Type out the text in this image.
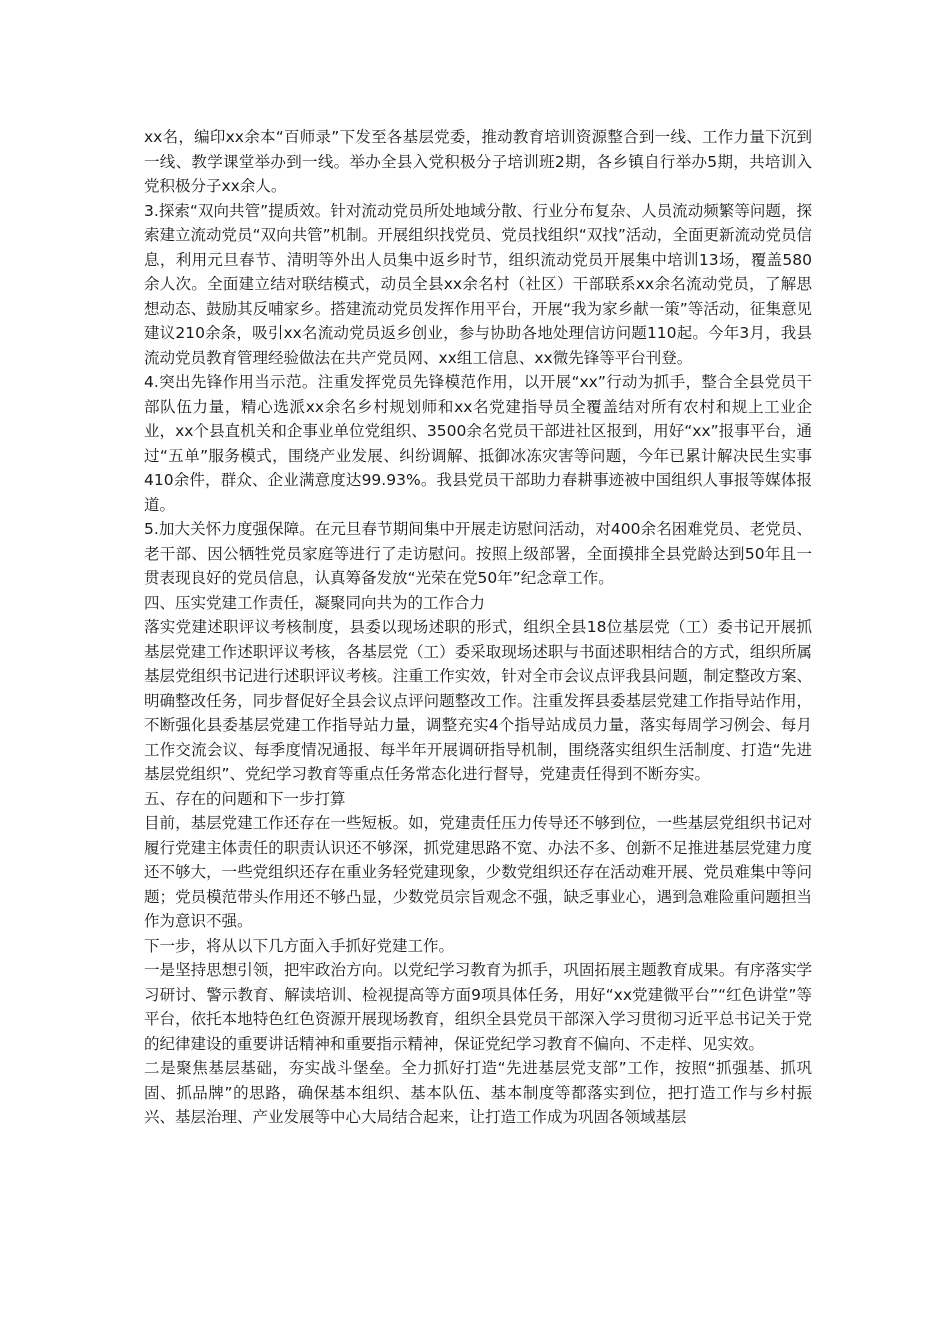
xx名，编印xx余本“百师录”下发至各基层党委，推动教育培训资源整合到一线、工作力量下沉到一线、教学课堂举办到一线。举办全县入党积极分子培训班2期，各乡镇自行举办5期，共培训入党积极分子xx余人。

3.探索“双向共管”提质效。针对流动党员所处地域分散、行业分布复杂、人员流动频繁等问题，探索建立流动党员“双向共管”机制。开展组织找党员、党员找组织“双找”活动，全面更新流动党员信息，利用元旦春节、清明等外出人员集中返乡时节，组织流动党员开展集中培训13场，覆盖580余人次。全面建立结对联结模式，动员全县xx余名村（社区）干部联系xx余名流动党员，了解思想动态、鼓励其反哺家乡。搭建流动党员发挥作用平台，开展“我为家乡献一策”等活动，征集意见建议210余条，吸引xx名流动党员返乡创业，参与协助各地处理信访问题110起。今年3月，我县流动党员教育管理经验做法在共产党员网、xx组工信息、xx微先锋等平台刊登。

4.突出先锋作用当示范。注重发挥党员先锋模范作用，以开展“xx”行动为抓手，整合全县党员干部队伍力量，精心选派xx余名乡村规划师和xx名党建指导员全覆盖结对所有农村和规上工业企业，xx个县直机关和企事业单位党组织、3500余名党员干部进社区报到，用好“xx”报事平台，通过“五单”服务模式，围绕产业发展、纠纷调解、抵御冰冻灾害等问题，今年已累计解决民生实事410余件，群众、企业满意度达99.93%。我县党员干部助力春耕事迹被中国组织人事报等媒体报道。

5.加大关怀力度强保障。在元旦春节期间集中开展走访慰问活动，对400余名困难党员、老党员、老干部、因公牺牲党员家庭等进行了走访慰问。按照上级部署，全面摸排全县党龄达到50年且一贯表现良好的党员信息，认真筹备发放“光荣在党50年”纪念章工作。

四、压实党建工作责任，凝聚同向共为的工作合力

落实党建述职评议考核制度，县委以现场述职的形式，组织全县18位基层党（工）委书记开展抓基层党建工作述职评议考核，各基层党（工）委采取现场述职与书面述职相结合的方式，组织所属基层党组织书记进行述职评议考核。注重工作实效，针对全市会议点评我县问题，制定整改方案、明确整改任务，同步督促好全县会议点评问题整改工作。注重发挥县委基层党建工作指导站作用，不断强化县委基层党建工作指导站力量，调整充实4个指导站成员力量，落实每周学习例会、每月工作交流会议、每季度情况通报、每半年开展调研指导机制，围绕落实组织生活制度、打造“先进基层党组织”、党纪学习教育等重点任务常态化进行督导，党建责任得到不断夯实。

五、存在的问题和下一步打算

目前，基层党建工作还存在一些短板。如，党建责任压力传导还不够到位，一些基层党组织书记对履行党建主体责任的职责认识还不够深，抓党建思路不宽、办法不多、创新不足推进基层党建力度还不够大，一些党组织还存在重业务轻党建现象，少数党组织还存在活动难开展、党员难集中等问题；党员模范带头作用还不够凸显，少数党员宗旨观念不强，缺乏事业心，遇到急难险重问题担当作为意识不强。

下一步，将从以下几方面入手抓好党建工作。

一是坚持思想引领，把牢政治方向。以党纪学习教育为抓手，巩固拓展主题教育成果。有序落实学习研讨、警示教育、解读培训、检视提高等方面9项具体任务，用好“xx党建微平台”“红色讲堂”等平台，依托本地特色红色资源开展现场教育，组织全县党员干部深入学习贯彻习近平总书记关于党的纪律建设的重要讲话精神和重要指示精神，保证党纪学习教育不偏向、不走样、见实效。

二是聚焦基层基础，夯实战斗堡垒。全力抓好打造“先进基层党支部”工作，按照“抓强基、抓巩固、抓品牌”的思路，确保基本组织、基本队伍、基本制度等都落实到位，把打造工作与乡村振兴、基层治理、产业发展等中心大局结合起来，让打造工作成为巩固各领域基层
